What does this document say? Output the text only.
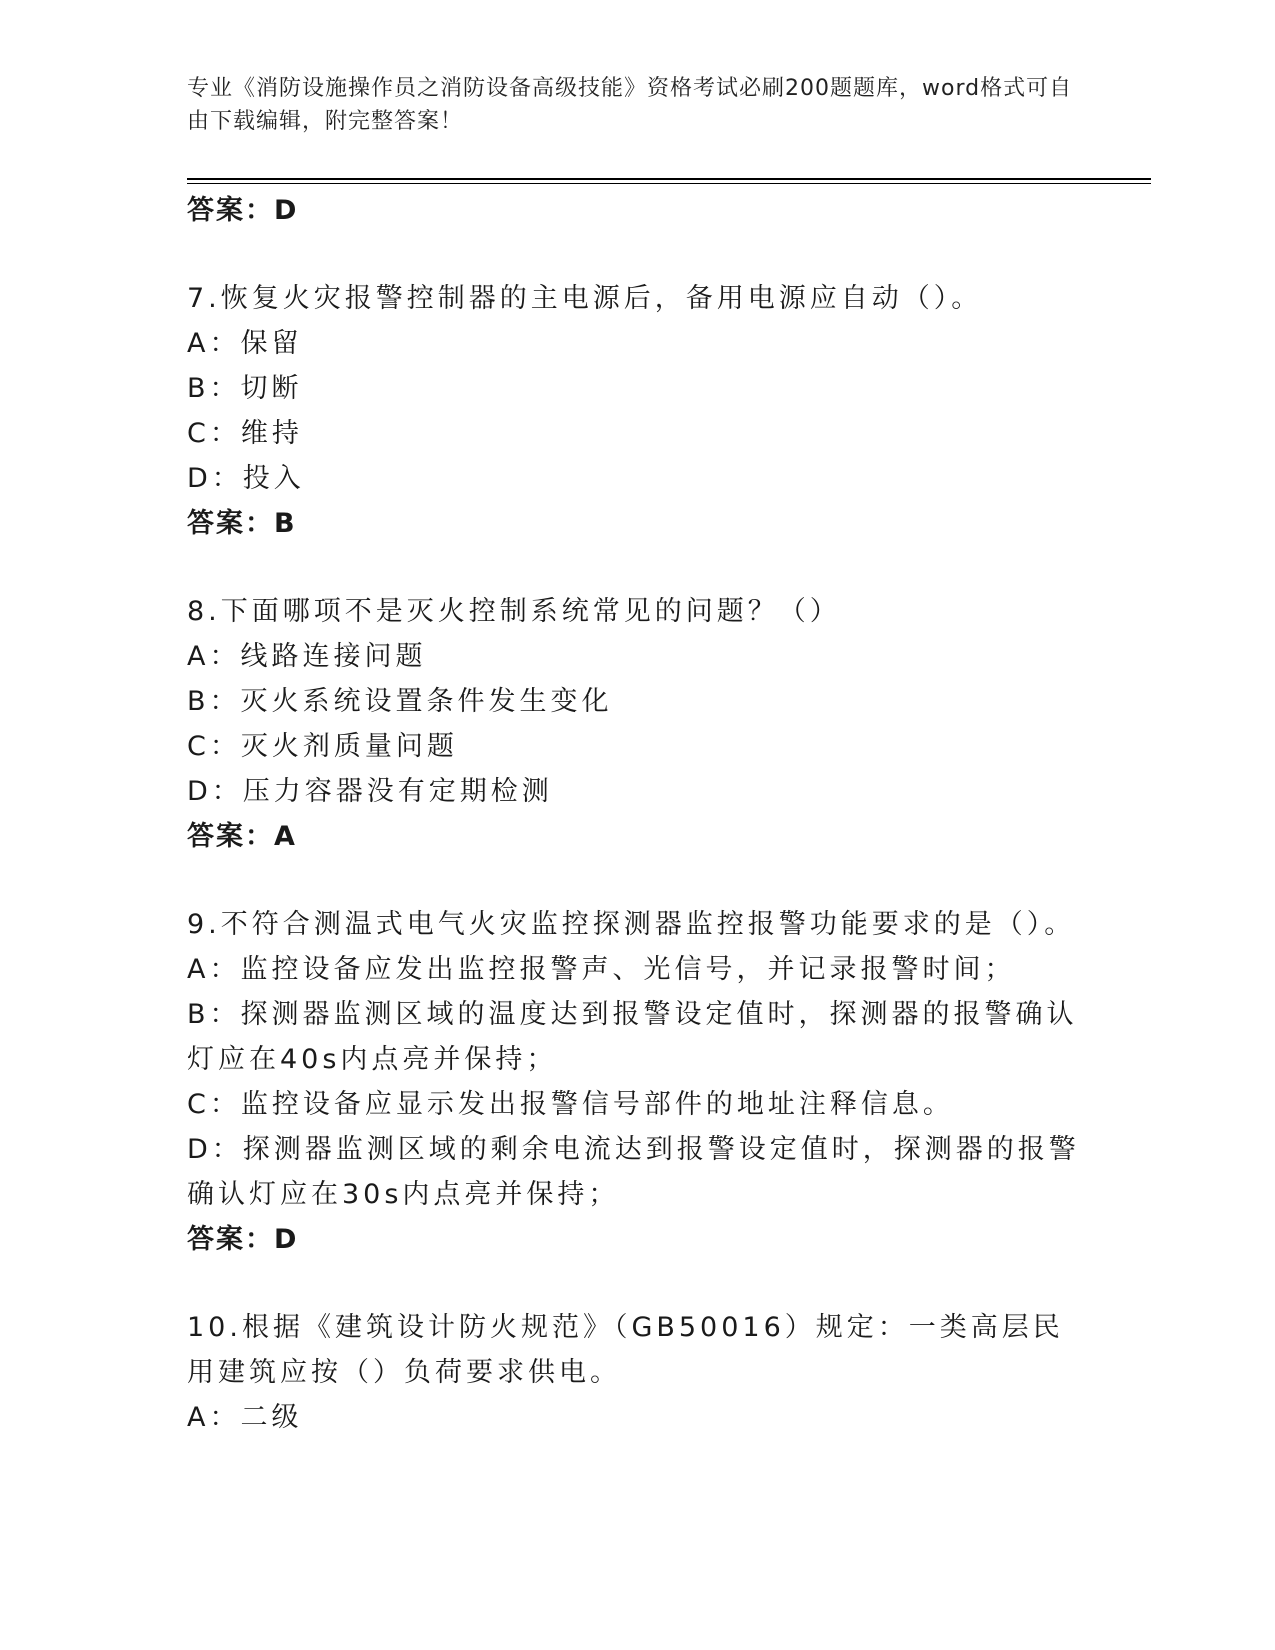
专业《消防设施操作员之消防设备高级技能》资格考试必刷200题题库，word格式可自由下载编辑，附完整答案！
答案：D
7.恢复火灾报警控制器的主电源后，备用电源应自动（）。
A：保留
B：切断
C：维持
D：投入
答案：B
8.下面哪项不是灭火控制系统常见的问题？（）
A：线路连接问题
B：灭火系统设置条件发生变化
C：灭火剂质量问题
D：压力容器没有定期检测
答案：A
9.不符合测温式电气火灾监控探测器监控报警功能要求的是（）。
A：监控设备应发出监控报警声、光信号，并记录报警时间；
B：探测器监测区域的温度达到报警设定值时，探测器的报警确认灯应在40s内点亮并保持；
C：监控设备应显示发出报警信号部件的地址注释信息。
D：探测器监测区域的剩余电流达到报警设定值时，探测器的报警确认灯应在30s内点亮并保持；
答案：D
10.根据《建筑设计防火规范》（GB50016）规定：一类高层民用建筑应按（）负荷要求供电。
A：二级
